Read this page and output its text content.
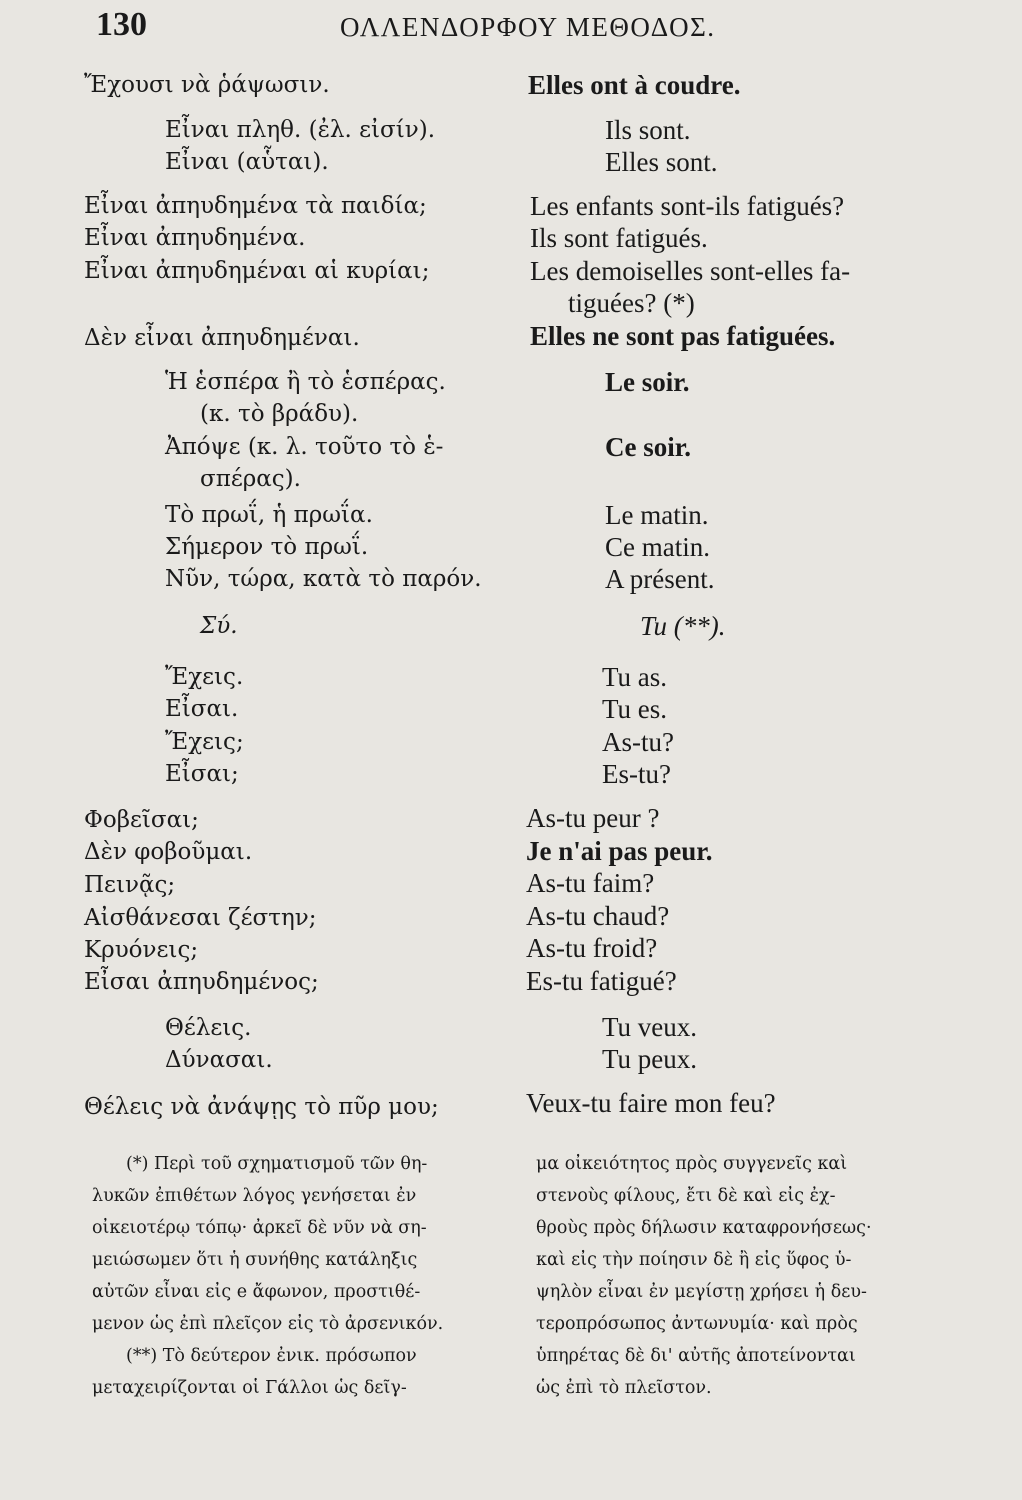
130	ΟΛΛΕΝΔΟΡΦΟΥ ΜΕΘΟΔΟΣ.
Ἔχουσι νὰ ῥάψωσιν.
Εἶναι πληθ. (ἐλ. εἰσίν).
Εἶναι (αὗται).
Εἶναι ἀπηυδημένα τὰ παιδία;
Εἶναι ἀπηυδημένα.
Εἶναι ἀπηυδημέναι αἱ κυρίαι;
Δὲν εἶναι ἀπηυδημέναι.
Ἡ ἑσπέρα ἢ τὸ ἑσπέρας.
(κ. τὸ βράδυ).
Ἀπόψε (κ. λ. τοῦτο τὸ ἑ-
σπέρας).
Τὸ πρωΐ, ἡ πρωΐα.
Σήμερον τὸ πρωΐ.
Νῦν, τώρα, κατὰ τὸ παρόν.
Σύ.
Ἔχεις.
Εἶσαι.
Ἔχεις;
Εἶσαι;
Φοβεῖσαι;
Δὲν φοβοῦμαι.
Πεινᾷς;
Αἰσθάνεσαι ζέστην;
Κρυόνεις;
Εἶσαι ἀπηυδημένος;
Θέλεις.
Δύνασαι.
Θέλεις νὰ ἀνάψῃς τὸ πῦρ μου;
Elles ont à coudre.
Ils sont.
Elles sont.
Les enfants sont-ils fatigués?
Ils sont fatigués.
Les demoiselles sont-elles fa-
tiguées? (*)
Elles ne sont pas fatiguées.
Le soir.
Ce soir.
Le matin.
Ce matin.
A présent.
Tu (**).
Tu as.
Tu es.
As-tu?
Es-tu?
As-tu peur ?
Je n'ai pas peur.
As-tu faim?
As-tu chaud?
As-tu froid?
Es-tu fatigué?
Tu veux.
Tu peux.
Veux-tu faire mon feu?
(*) Περὶ τοῦ σχηματισμοῦ τῶν θη-
λυκῶν ἐπιθέτων λόγος γενήσεται ἐν
οἰκειοτέρῳ τόπῳ· ἀρκεῖ δὲ νῦν νὰ ση-
μειώσωμεν ὅτι ἡ συνήθης κατάληξις
αὐτῶν εἶναι εἰς e ἄφωνον, προστιθέ-
μενον ὡς ἐπὶ πλεῖςον εἰς τὸ ἀρσενικόν.
(**) Τὸ δεύτερον ἐνικ. πρόσωπον
μεταχειρίζονται οἱ Γάλλοι ὡς δεῖγ-
μα οἰκειότητος πρὸς συγγενεῖς καὶ
στενοὺς φίλους, ἔτι δὲ καὶ εἰς ἐχ-
θροὺς πρὸς δήλωσιν καταφρονήσεως·
καὶ εἰς τὴν ποίησιν δὲ ἢ εἰς ὕφος ὑ-
ψηλὸν εἶναι ἐν μεγίστῃ χρήσει ἡ δευ-
τεροπρόσωπος ἀντωνυμία· καὶ πρὸς
ὑπηρέτας δὲ δι' αὐτῆς ἀποτείνονται
ὡς ἐπὶ τὸ πλεῖστον.
